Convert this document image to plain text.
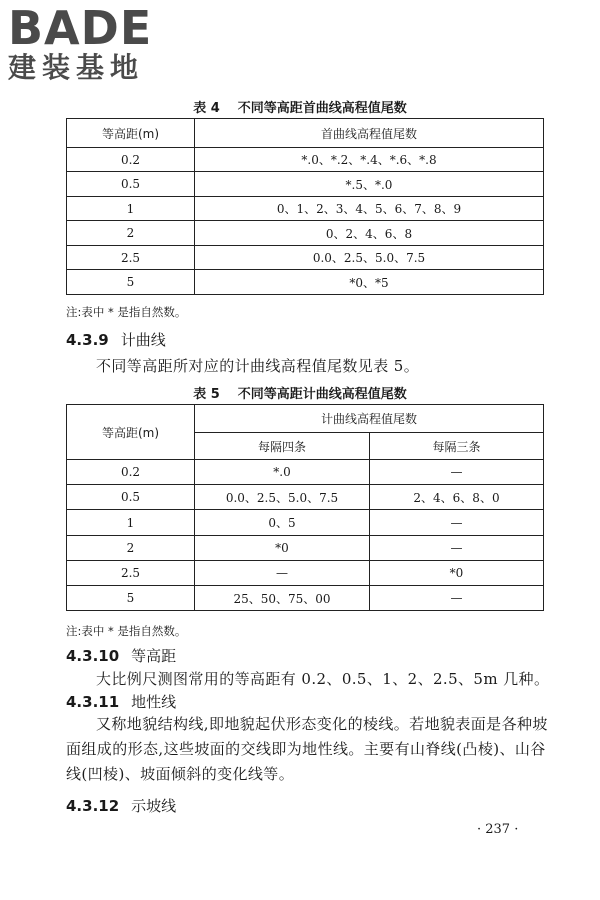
BADE
建装基地
表 4 不同等高距首曲线高程值尾数
等高距(m)	首曲线高程值尾数
0.2	*.0、*.2、*.4、*.6、*.8
0.5	*.5、*.0
1	0、1、2、3、4、5、6、7、8、9
2	0、2、4、6、8
2.5	0.0、2.5、5.0、7.5
5	*0、*5
注:表中 * 是指自然数。
4.3.9 计曲线
不同等高距所对应的计曲线高程值尾数见表 5。
表 5 不同等高距计曲线高程值尾数
等高距(m)	计曲线高程值尾数	
	每隔四条	每隔三条
0.2	*.0	—
0.5	0.0、2.5、5.0、7.5	2、4、6、8、0
1	0、5	—
2	*0	—
2.5	—	*0
5	25、50、75、00	—
注:表中 * 是指自然数。
4.3.10 等高距
大比例尺测图常用的等高距有 0.2、0.5、1、2、2.5、5m 几种。
4.3.11 地性线
又称地貌结构线,即地貌起伏形态变化的棱线。若地貌表面是各种坡面组成的形态,这些坡面的交线即为地性线。主要有山脊线(凸棱)、山谷线(凹棱)、坡面倾斜的变化线等。
4.3.12 示坡线
· 237 ·
